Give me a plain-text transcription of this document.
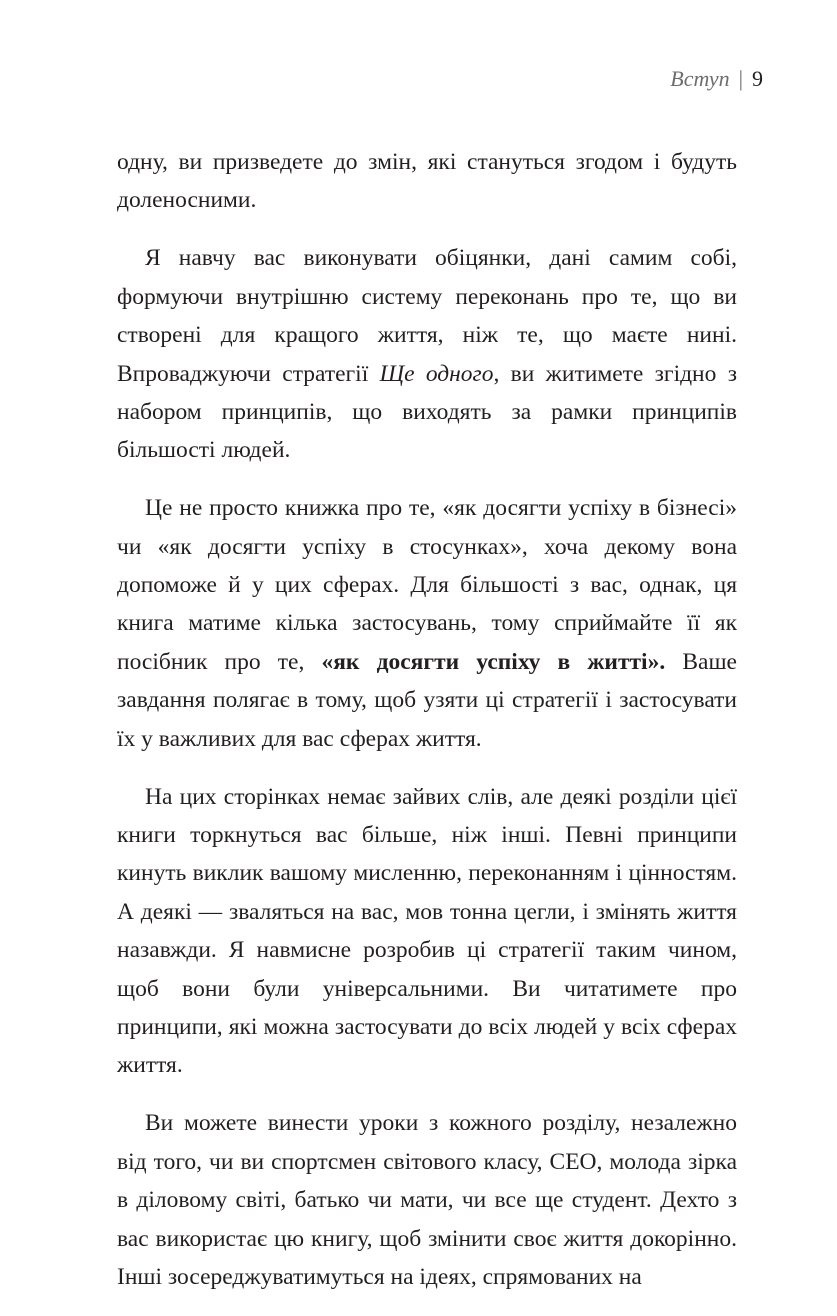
Вступ | 9

одну, ви призведете до змін, які стануться згодом і будуть доленосними.

Я навчу вас виконувати обіцянки, дані самим собі, формуючи внутрішню систему переконань про те, що ви створені для кращого життя, ніж те, що маєте нині. Впроваджуючи стратегії Ще одного, ви житимете згідно з набором принципів, що виходять за рамки принципів більшості людей.

Це не просто книжка про те, «як досягти успіху в бізнесі» чи «як досягти успіху в стосунках», хоча декому вона допоможе й у цих сферах. Для більшості з вас, однак, ця книга матиме кілька застосувань, тому сприймайте її як посібник про те, «як досягти успіху в житті». Ваше завдання полягає в тому, щоб узяти ці стратегії і застосувати їх у важливих для вас сферах життя.

На цих сторінках немає зайвих слів, але деякі розділи цієї книги торкнуться вас більше, ніж інші. Певні принципи кинуть виклик вашому мисленню, переконанням і цінностям. А деякі — зваляться на вас, мов тонна цегли, і змінять життя назавжди. Я навмисне розробив ці стратегії таким чином, щоб вони були універсальними. Ви читатимете про принципи, які можна застосувати до всіх людей у всіх сферах життя.

Ви можете винести уроки з кожного розділу, незалежно від того, чи ви спортсмен світового класу, CEO, молода зірка в діловому світі, батько чи мати, чи все ще студент. Дехто з вас використає цю книгу, щоб змінити своє життя докорінно. Інші зосереджуватимуться на ідеях, спрямованих на
